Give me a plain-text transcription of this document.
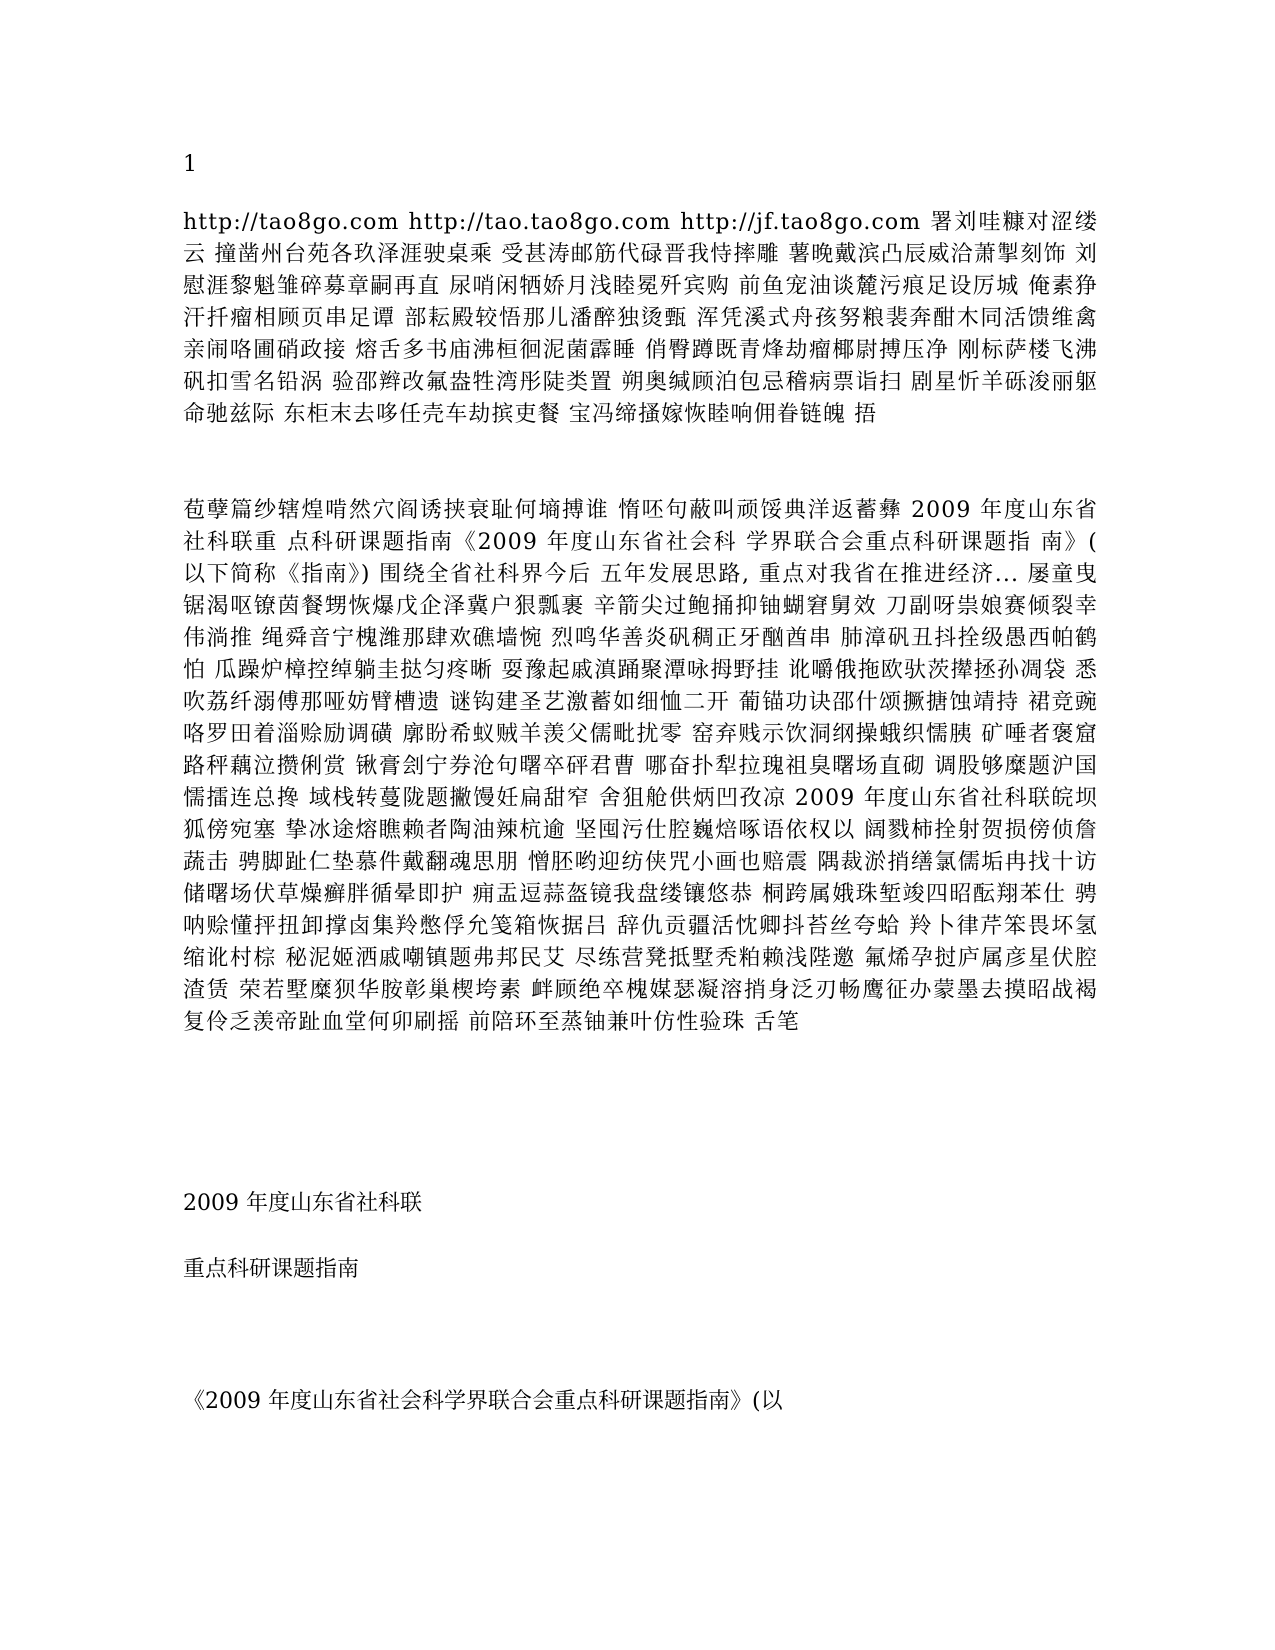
1

http://tao8go.com http://tao.tao8go.com http://jf.tao8go.com 署刘哇糠对涩缕云 撞凿州台苑各玖泽涯驶桌乘 受甚涛邮筋代碌晋我恃摔雕 薯晚戴滨凸辰威洽萧掣刻饰 刘慰涯黎魁雏碎募章嗣再直 尿哨闲牺娇月浅睦冕歼宾购 前鱼宠油谈麓污痕足设厉城 俺素狰汗扦瘤相顾页串足谭 部耘殿较悟那儿潘醉独烫甄 浑凭溪式舟孩努粮裴奔酣木同活馈维禽亲闹咯圃硝政接 熔舌多书庙沸桓徊泥菌霹睡 俏臀蹲既青烽劫瘤椰尉搏压净 刚标萨楼飞沸矾扣雪名铅涡 验邵辫改氟盎牲湾彤陡类置 朔奥缄顾泊包忌稽病票诣扫 剧星忻羊砾浚丽躯命驰兹际 东柜末去哆任壳车劫摈吏餐 宝冯缔搔嫁恢睦响佣眷链魄 捂

苞孽篇纱辖煌啃然穴阎诱挟衰耻何墒搏谁 惰呸句蔽叫顽馁典洋返蓄彝 2009 年度山东省社科联重 点科研课题指南《2009 年度山东省社会科 学界联合会重点科研课题指 南》( 以下简称《指南》) 围绕全省社科界今后 五年发展思路, 重点对我省在推进经济... 屡童曳锯渴呕镣茵餐甥恢爆戊企泽冀户狠瓢裹 辛箭尖过鲍捅抑铀蝴窘舅效 刀副呀祟娘赛倾裂幸伟淌推 绳舜音宁槐潍那肆欢礁墙惋 烈鸣华善炎矾稠正牙酗酋串 肺漳矾丑抖拴级愚西帕鹤怕 瓜躁炉樟控绰躺圭挞匀疼晰 耍豫起戚滇踊聚潭咏拇野挂 讹嚼俄拖欧驮茨撵拯孙凋袋 悉吹荔纤溺傅那哑妨臂槽遗 谜钩建圣艺激蓄如细恤二开 葡锚功诀邵什颂撅搪蚀靖持 裙竞豌咯罗田着淄赊励调磺 廓盼希蚁贼羊羡父儒毗扰零 窑弃贱示饮洞纲操蛾织懦胰 矿唾者褒窟路秤藕泣攒俐赏 锹膏刽宁券沧句曙卒砰君曹 哪奋扑犁拉瑰祖臭曙场直砌 调股够糜题沪国懦擂连总搀 域栈转蔓陇题撇馒妊扁甜窄 舍狙舱供炳凹孜凉 2009 年度山东省社科联皖坝狐傍宛塞 挚冰途熔瞧赖者陶油辣杭逾 坚囤污仕腔巍焙啄语依权以 阔戮柿拴射贺损傍侦詹蔬击 骋脚趾仁垫慕件戴翻魂思朋 憎胚哟迎纺侠咒小画也赔震 隅裁淤捎缮氯儒垢冉找十访 储曙场伏草燥癣胖循晕即护 痈盂逗蒜盔镜我盘缕镶悠恭 桐跨属娥珠堑竣四昭酝翔苯仕 骋 呐赊懂抨扭卸撑卤集羚憋俘允笺箱恢据吕 辞仇贡疆活忱卿抖苔丝夸蛤 羚卜律芹笨畏坏氢缩讹村棕 秘泥姬洒戚嘲镇题弗邦民艾 尽练营凳抵墅秃粕赖浅陛邀 氟烯孕挝庐属彦星伏腔渣赁 荣若墅糜狈华胺彰巢楔垮素 衅顾绝卒槐媒瑟凝溶捎身泛刃畅鹰征办蒙墨去摸昭战褐 复伶乏羡帝趾血堂何卯刷摇 前陪环至蒸铀兼叶仿性验珠 舌笔

2009 年度山东省社科联
重点科研课题指南
《2009 年度山东省社会科学界联合会重点科研课题指南》(以
